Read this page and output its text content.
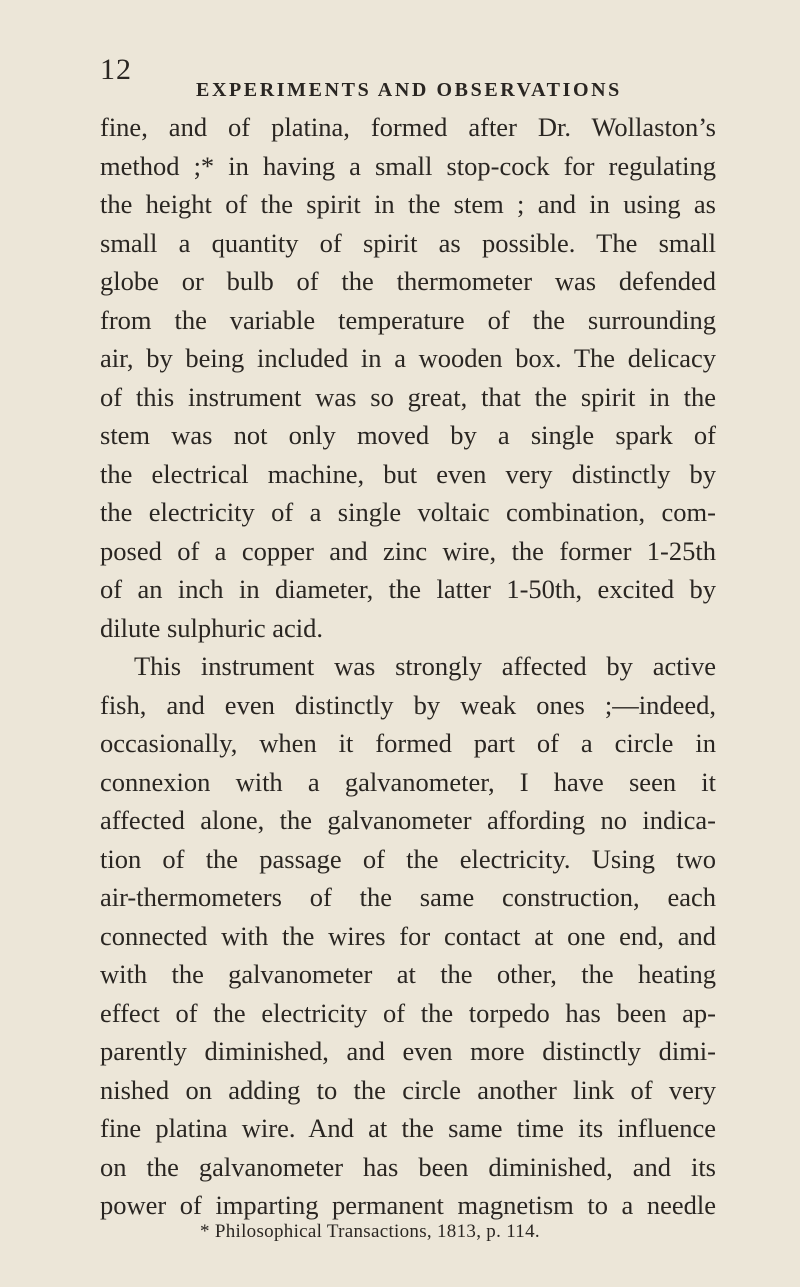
12
EXPERIMENTS AND OBSERVATIONS
fine, and of platina, formed after Dr. Wollaston’s
method ;* in having a small stop-cock for regulating
the height of the spirit in the stem ; and in using as
small a quantity of spirit as possible. The small
globe or bulb of the thermometer was defended
from the variable temperature of the surrounding
air, by being included in a wooden box. The delicacy
of this instrument was so great, that the spirit in the
stem was not only moved by a single spark of
the electrical machine, but even very distinctly by
the electricity of a single voltaic combination, com-
posed of a copper and zinc wire, the former 1-25th
of an inch in diameter, the latter 1-50th, excited by
dilute sulphuric acid.
This instrument was strongly affected by active
fish, and even distinctly by weak ones ;—indeed,
occasionally, when it formed part of a circle in
connexion with a galvanometer, I have seen it
affected alone, the galvanometer affording no indica-
tion of the passage of the electricity. Using two
air-thermometers of the same construction, each
connected with the wires for contact at one end, and
with the galvanometer at the other, the heating
effect of the electricity of the torpedo has been ap-
parently diminished, and even more distinctly dimi-
nished on adding to the circle another link of very
fine platina wire. And at the same time its influence
on the galvanometer has been diminished, and its
power of imparting permanent magnetism to a needle
* Philosophical Transactions, 1813, p. 114.
